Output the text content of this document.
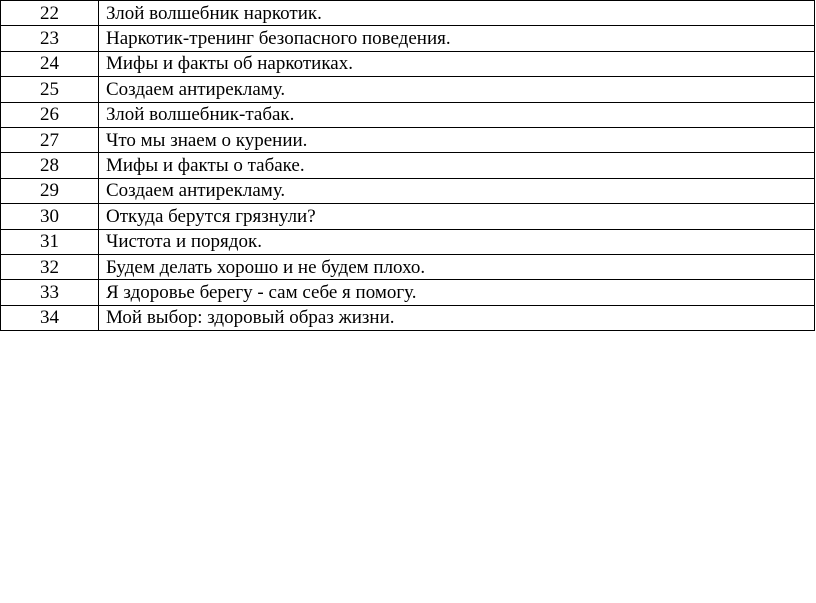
22	Злой волшебник наркотик.
23	Наркотик-тренинг безопасного поведения.
24	Мифы и факты об наркотиках.
25	Создаем антирекламу.
26	Злой волшебник-табак.
27	Что мы знаем о курении.
28	Мифы и факты о табаке.
29	Создаем антирекламу.
30	Откуда берутся грязнули?
31	Чистота и порядок.
32	Будем делать хорошо и не будем плохо.
33	Я здоровье берегу - сам себе я помогу.
34	Мой выбор: здоровый образ жизни.
